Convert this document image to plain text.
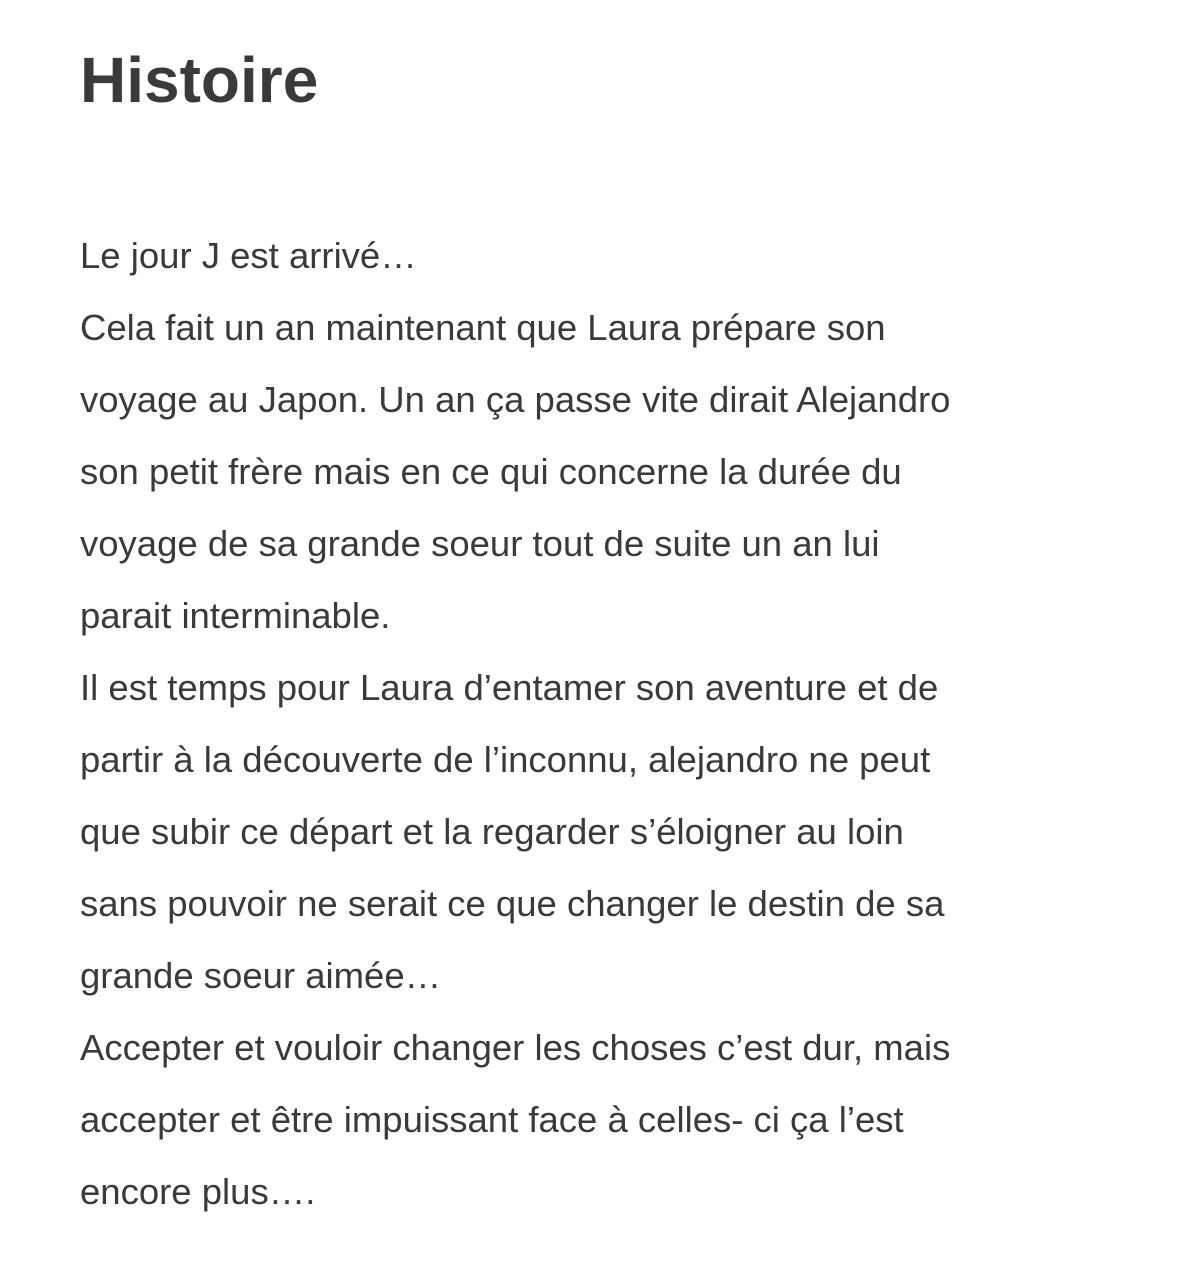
Histoire
Le jour J est arrivé…
Cela fait un an maintenant que Laura prépare son
voyage au Japon. Un an ça passe vite dirait Alejandro
son petit frère mais en ce qui concerne la durée du
voyage de sa grande soeur tout de suite un an lui
parait interminable.
Il est temps pour Laura d’entamer son aventure et de
partir à la découverte de l’inconnu, alejandro ne peut
que subir ce départ et la regarder s’éloigner au loin
sans pouvoir ne serait ce que changer le destin de sa
grande soeur aimée…
Accepter et vouloir changer les choses c’est dur, mais
accepter et être impuissant face à celles- ci ça l’est
encore plus….
